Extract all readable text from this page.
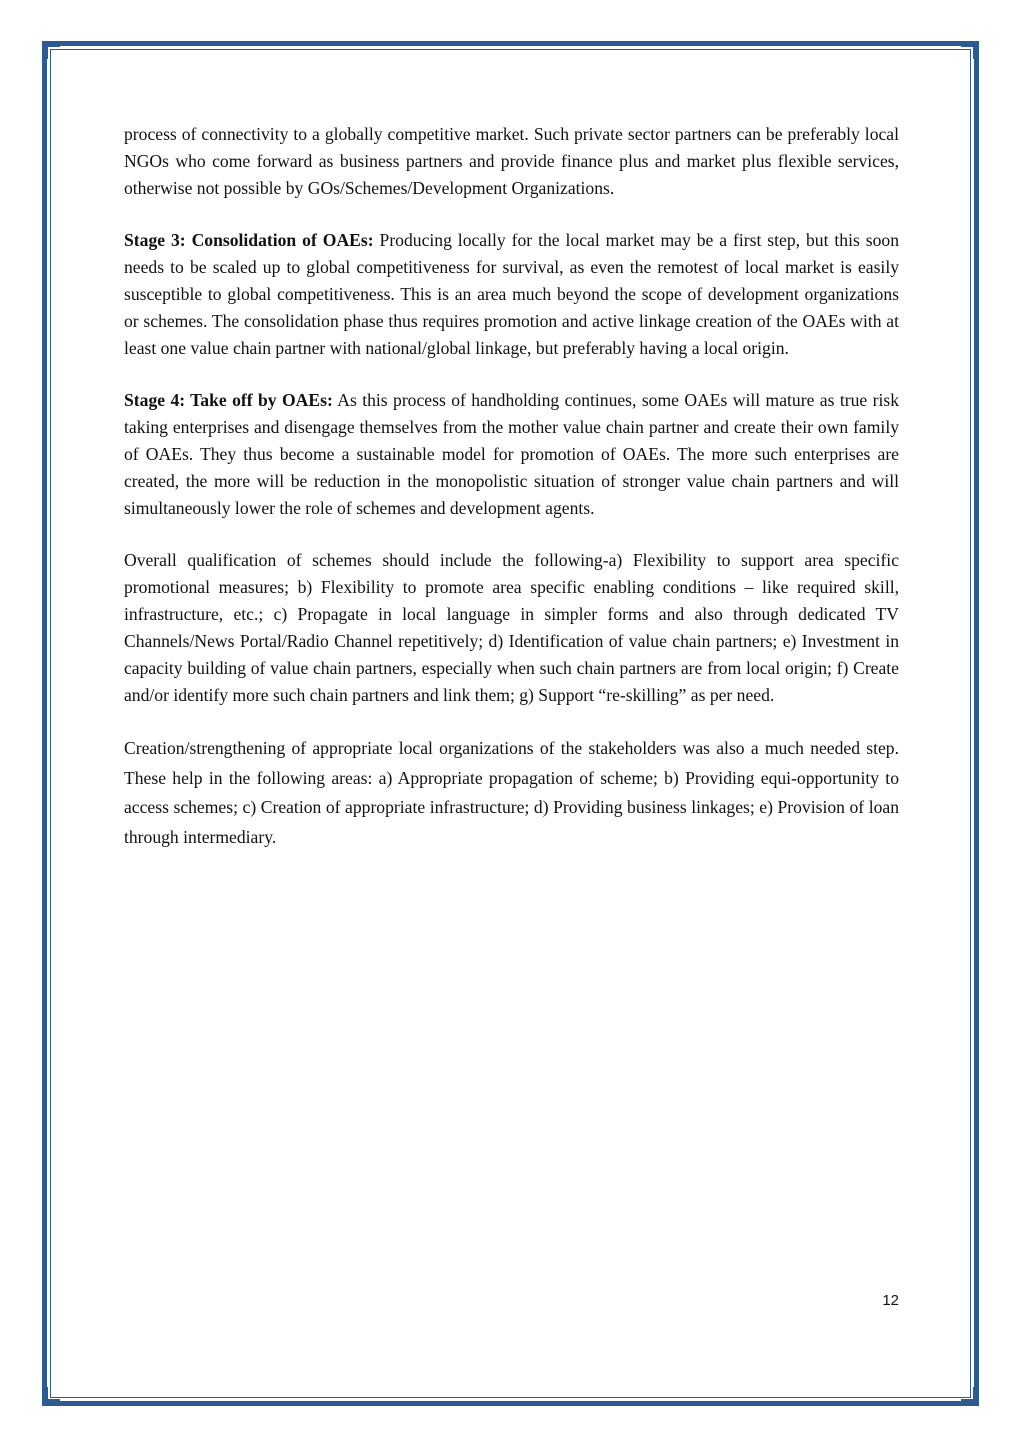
process of connectivity to a globally competitive market. Such private sector partners can be preferably local NGOs who come forward as business partners and provide finance plus and market plus flexible services, otherwise not possible by GOs/Schemes/Development Organizations.

Stage 3: Consolidation of OAEs: Producing locally for the local market may be a first step, but this soon needs to be scaled up to global competitiveness for survival, as even the remotest of local market is easily susceptible to global competitiveness. This is an area much beyond the scope of development organizations or schemes. The consolidation phase thus requires promotion and active linkage creation of the OAEs with at least one value chain partner with national/global linkage, but preferably having a local origin.

Stage 4: Take off by OAEs: As this process of handholding continues, some OAEs will mature as true risk taking enterprises and disengage themselves from the mother value chain partner and create their own family of OAEs. They thus become a sustainable model for promotion of OAEs. The more such enterprises are created, the more will be reduction in the monopolistic situation of stronger value chain partners and will simultaneously lower the role of schemes and development agents.

Overall qualification of schemes should include the following-a) Flexibility to support area specific promotional measures; b) Flexibility to promote area specific enabling conditions – like required skill, infrastructure, etc.; c) Propagate in local language in simpler forms and also through dedicated TV Channels/News Portal/Radio Channel repetitively; d) Identification of value chain partners; e) Investment in capacity building of value chain partners, especially when such chain partners are from local origin; f) Create and/or identify more such chain partners and link them; g) Support “re-skilling” as per need.

Creation/strengthening of appropriate local organizations of the stakeholders was also a much needed step. These help in the following areas: a) Appropriate propagation of scheme; b) Providing equi-opportunity to access schemes; c) Creation of appropriate infrastructure; d) Providing business linkages; e) Provision of loan through intermediary.

12
